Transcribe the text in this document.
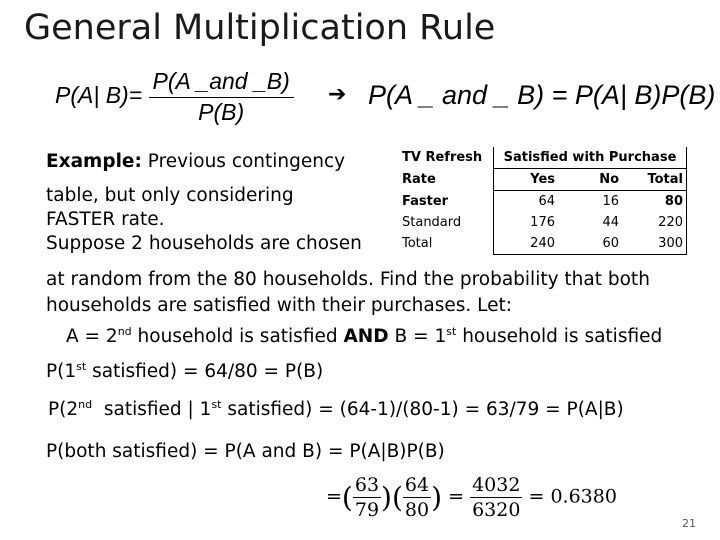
General Multiplication Rule
P(A| $B)= \frac{\text{P(A \_and \_B)}}{P(B)}$ ➔ P(A _ and _ B) = P(A| B)P(B)
Example: Previous contingency
table, but only considering
FASTER rate.
Suppose 2 households are chosen
at random from the 80 households. Find the probability that both
households are satisfied with their purchases. Let:
A = 2nd household is satisfied AND B = 1st household is satisfied
P(1st satisfied) = 64/80 = P(B)
P(2nd  satisfied | 1st satisfied) = (64-1)/(80-1) = 63/79 = P(A|B)
P(both satisfied) = P(A and B) = P(A|B)P(B)
TV Refresh	Satisfied with Purchase		
Rate	Yes	No	Total
Faster	64	16	80
Standard	176	44	220
Total	240	60	300
=( $\frac{63}{79}$ )( $\frac{64}{80}$ ) = $\frac{4032}{6320} = 0.6380$
21
